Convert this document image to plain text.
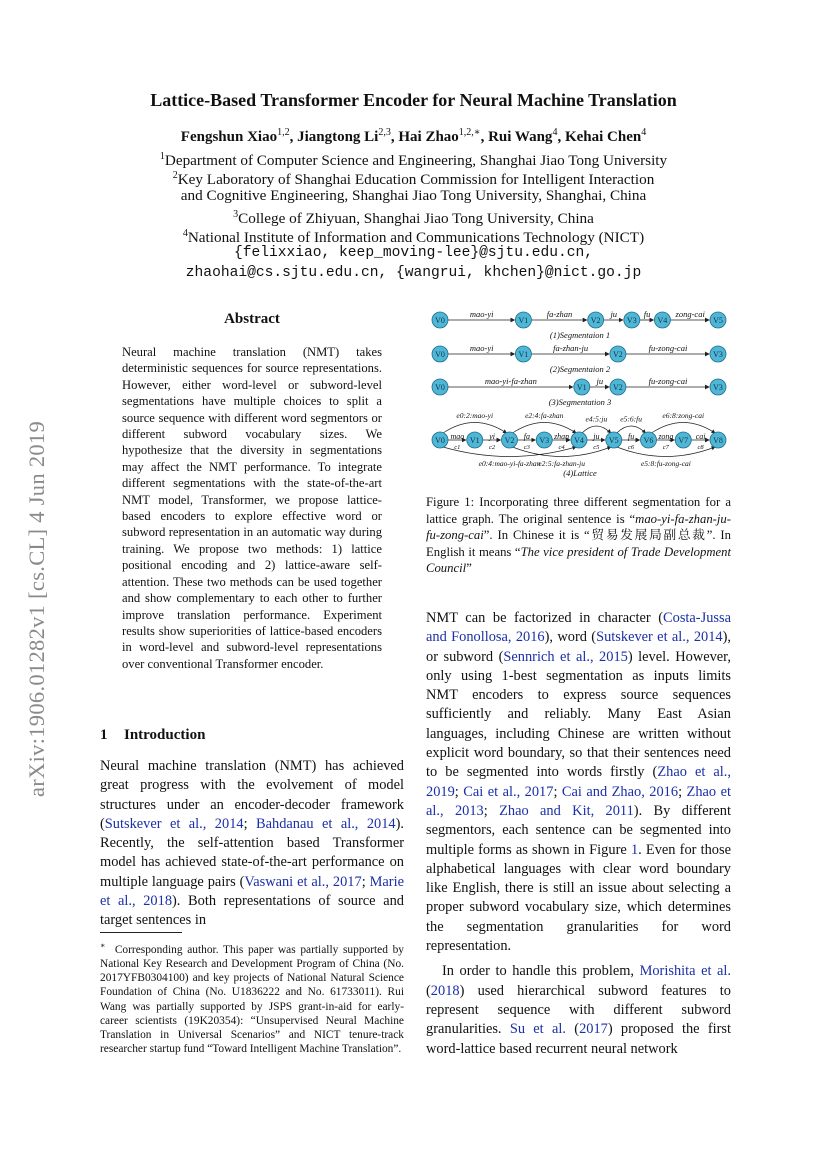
arXiv:1906.01282v1 [cs.CL] 4 Jun 2019
Lattice-Based Transformer Encoder for Neural Machine Translation
Fengshun Xiao$^{1,2}$, Jiangtong Li$^{2,3}$, Hai Zhao$^{1,2,∗}$, Rui Wang$^4$, Kehai Chen$^4$
$^1$Department of Computer Science and Engineering, Shanghai Jiao Tong University
$^2$Key Laboratory of Shanghai Education Commission for Intelligent Interaction
and Cognitive Engineering, Shanghai Jiao Tong University, Shanghai, China
$^3$College of Zhiyuan, Shanghai Jiao Tong University, China
$^4$National Institute of Information and Communications Technology (NICT)
{felixxiao, keep_moving-lee}@sjtu.edu.cn,
zhaohai@cs.sjtu.edu.cn, {wangrui, khchen}@nict.go.jp
Abstract
Neural machine translation (NMT) takes deterministic sequences for source representations. However, either word-level or subword-level segmentations have multiple choices to split a source sequence with different word segmentors or different subword vocabulary sizes. We hypothesize that the diversity in segmentations may affect the NMT performance. To integrate different segmentations with the state-of-the-art NMT model, Transformer, we propose lattice-based encoders to explore effective word or subword representation in an automatic way during training. We propose two methods: 1) lattice positional encoding and 2) lattice-aware self-attention. These two methods can be used together and show complementary to each other to further improve translation performance. Experiment results show superiorities of lattice-based encoders in word-level and subword-level representations over conventional Transformer encoder.
mao-yi	fa-zhan	ju	fu	zong-cai
V0	V1	V2	V3	V4	V5
(1)Segmentaion 1
mao-yi	fa-zhan-ju	fu-zong-cai
V0	V1	V2	V3
(2)Segmentaion 2
mao-yi-fa-zhan	ju	fu-zong-cai
V0	V1	V2	V3
(3)Segmentation 3
mao
c1
yi
c2
fa
c3
zhan
c4
ju
c5
fu
c6
zong
c7
cai
c8
e0:2:mao-yi	e2:4:fa-zhan	e4:5:ju e5:6:fu	e6:8:zong-cai
e0:4:mao-yi-fa-zhan
e2:5:fa-zhan-ju	e5:8:fu-zong-cai
V0	V1	V2	V3	V4	V5	V6	V7	V8
(4)Lattice
Figure 1: Incorporating three different segmentation for a lattice graph. The original sentence is “mao-yi-fa-zhan-ju-fu-zong-cai”. In Chinese it is “贸易发展局副总裁”. In English it means “The vice president of Trade Development Council”
1 Introduction

Neural machine translation (NMT) has achieved great progress with the evolvement of model structures under an encoder-decoder framework (Sutskever et al., 2014; Bahdanau et al., 2014). Recently, the self-attention based Transformer model has achieved state-of-the-art performance on multiple language pairs (Vaswani et al., 2017; Marie et al., 2018). Both representations of source and target sentences in

NMT can be factorized in character (Costa-Jussa and Fonollosa, 2016), word (Sutskever et al., 2014), or subword (Sennrich et al., 2015) level. However, only using 1-best segmentation as inputs limits NMT encoders to express source sequences sufficiently and reliably. Many East Asian languages, including Chinese are written without explicit word boundary, so that their sentences need to be segmented into words firstly (Zhao et al., 2019; Cai et al., 2017; Cai and Zhao, 2016; Zhao et al., 2013; Zhao and Kit, 2011). By different segmentors, each sentence can be segmented into multiple forms as shown in Figure 1. Even for those alphabetical languages with clear word boundary like English, there is still an issue about selecting a proper subword vocabulary size, which determines the segmentation granularities for word representation.

In order to handle this problem, Morishita et al. (2018) used hierarchical subword features to represent sequence with different subword granularities. Su et al. (2017) proposed the first word-lattice based recurrent neural network

∗ Corresponding author. This paper was partially supported by National Key Research and Development Program of China (No. 2017YFB0304100) and key projects of National Natural Science Foundation of China (No. U1836222 and No. 61733011). Rui Wang was partially supported by JSPS grant-in-aid for early-career scientists (19K20354): “Unsupervised Neural Machine Translation in Universal Scenarios” and NICT tenure-track researcher startup fund “Toward Intelligent Machine Translation”.
